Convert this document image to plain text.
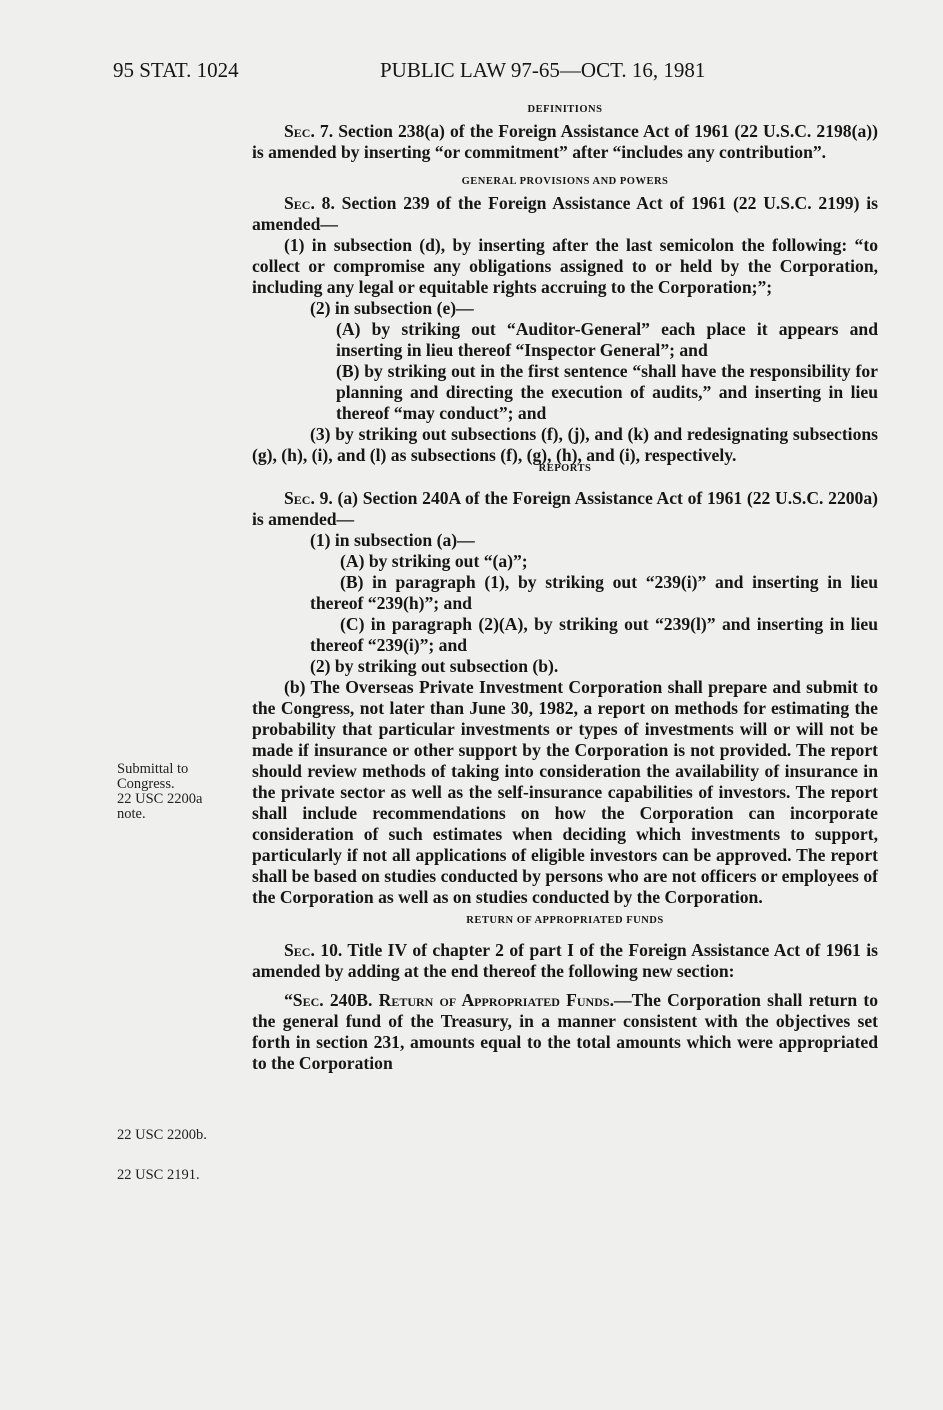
95 STAT. 1024	PUBLIC LAW 97-65—OCT. 16, 1981
Submittal to
Congress.
22 USC 2200a
note.
22 USC 2200b.
22 USC 2191.
DEFINITIONS

Sec. 7. Section 238(a) of the Foreign Assistance Act of 1961 (22 U.S.C. 2198(a)) is amended by inserting “or commitment” after “includes any contribution”.

GENERAL PROVISIONS AND POWERS

Sec. 8. Section 239 of the Foreign Assistance Act of 1961 (22 U.S.C. 2199) is amended—

(1) in subsection (d), by inserting after the last semicolon the following: “to collect or compromise any obligations assigned to or held by the Corporation, including any legal or equitable rights accruing to the Corporation;”;

(2) in subsection (e)—

(A) by striking out “Auditor-General” each place it appears and inserting in lieu thereof “Inspector General”; and

(B) by striking out in the first sentence “shall have the responsibility for planning and directing the execution of audits,” and inserting in lieu thereof “may conduct”; and

(3) by striking out subsections (f), (j), and (k) and redesignating subsections (g), (h), (i), and (l) as subsections (f), (g), (h), and (i), respectively.

REPORTS

Sec. 9. (a) Section 240A of the Foreign Assistance Act of 1961 (22 U.S.C. 2200a) is amended—

(1) in subsection (a)—

(A) by striking out “(a)”;

(B) in paragraph (1), by striking out “239(i)” and inserting in lieu thereof “239(h)”; and

(C) in paragraph (2)(A), by striking out “239(l)” and inserting in lieu thereof “239(i)”; and

(2) by striking out subsection (b).

(b) The Overseas Private Investment Corporation shall prepare and submit to the Congress, not later than June 30, 1982, a report on methods for estimating the probability that particular investments or types of investments will or will not be made if insurance or other support by the Corporation is not provided. The report should review methods of taking into consideration the availability of insurance in the private sector as well as the self-insurance capabilities of investors. The report shall include recommendations on how the Corporation can incorporate consideration of such estimates when deciding which investments to support, particularly if not all applications of eligible investors can be approved. The report shall be based on studies conducted by persons who are not officers or employees of the Corporation as well as on studies conducted by the Corporation.

RETURN OF APPROPRIATED FUNDS

Sec. 10. Title IV of chapter 2 of part I of the Foreign Assistance Act of 1961 is amended by adding at the end thereof the following new section:

“Sec. 240B. Return of Appropriated Funds.—The Corporation shall return to the general fund of the Treasury, in a manner consistent with the objectives set forth in section 231, amounts equal to the total amounts which were appropriated to the Corporation
